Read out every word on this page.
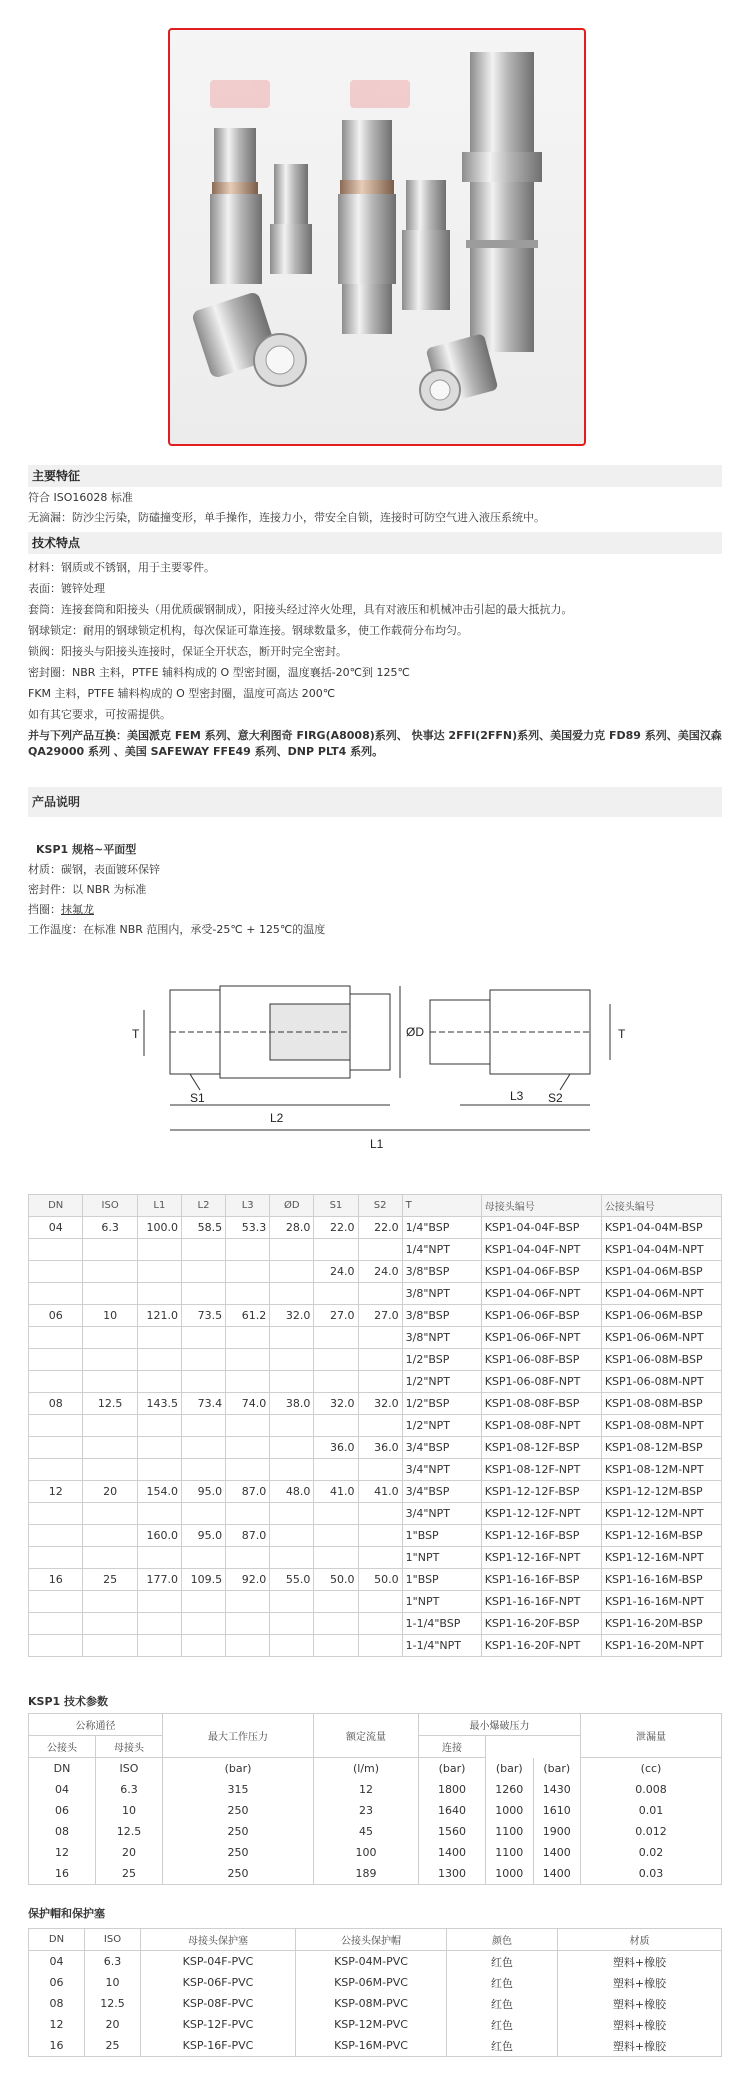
主要特征
符合 ISO16028 标准
无滴漏：防沙尘污染，防磕撞变形，单手操作，连接力小，带安全自锁，连接时可防空气进入液压系统中。
技术特点
材料：钢质或不锈钢，用于主要零件。
表面：镀锌处理
套筒：连接套筒和阳接头（用优质碳钢制成），阳接头经过淬火处理，具有对液压和机械冲击引起的最大抵抗力。
钢球锁定：耐用的钢球锁定机构，每次保证可靠连接。钢球数量多，使工作载荷分布均匀。
锁阀：阳接头与阳接头连接时，保证全开状态，断开时完全密封。
密封圈：NBR 主料，PTFE 辅料构成的 O 型密封圈，温度襄括-20℃到 125℃
FKM 主料，PTFE 辅料构成的 O 型密封圈，温度可高达 200℃
如有其它要求，可按需提供。
并与下列产品互换：美国派克 FEM 系列、意大利图奇 FIRG(A8008)系列、 快事达 2FFI(2FFN)系列、美国爱力克 FD89 系列、美国汉森 QA29000 系列 、美国 SAFEWAY FFE49 系列、DNP PLT4 系列。
产品说明
KSP1 规格~平面型
材质：碳钢，表面镀环保锌
密封件：以 NBR 为标准
挡圈：抹氟龙
工作温度：在标准 NBR 范围内，承受-25℃ + 125℃的温度
T	T
ØD
S1	S2
L2
L3
L1
DN	ISO	L1	L2	L3	ØD	S1	S2	T	母接头编号	公接头编号
04	6.3	100.0	58.5	53.3	28.0	22.0	22.0	1/4"BSP	KSP1-04-04F-BSP	KSP1-04-04M-BSP
								1/4"NPT	KSP1-04-04F-NPT	KSP1-04-04M-NPT
						24.0	24.0	3/8"BSP	KSP1-04-06F-BSP	KSP1-04-06M-BSP
								3/8"NPT	KSP1-04-06F-NPT	KSP1-04-06M-NPT
06	10	121.0	73.5	61.2	32.0	27.0	27.0	3/8"BSP	KSP1-06-06F-BSP	KSP1-06-06M-BSP
								3/8"NPT	KSP1-06-06F-NPT	KSP1-06-06M-NPT
								1/2"BSP	KSP1-06-08F-BSP	KSP1-06-08M-BSP
								1/2"NPT	KSP1-06-08F-NPT	KSP1-06-08M-NPT
08	12.5	143.5	73.4	74.0	38.0	32.0	32.0	1/2"BSP	KSP1-08-08F-BSP	KSP1-08-08M-BSP
								1/2"NPT	KSP1-08-08F-NPT	KSP1-08-08M-NPT
						36.0	36.0	3/4"BSP	KSP1-08-12F-BSP	KSP1-08-12M-BSP
								3/4"NPT	KSP1-08-12F-NPT	KSP1-08-12M-NPT
12	20	154.0	95.0	87.0	48.0	41.0	41.0	3/4"BSP	KSP1-12-12F-BSP	KSP1-12-12M-BSP
								3/4"NPT	KSP1-12-12F-NPT	KSP1-12-12M-NPT
		160.0	95.0	87.0				1"BSP	KSP1-12-16F-BSP	KSP1-12-16M-BSP
								1"NPT	KSP1-12-16F-NPT	KSP1-12-16M-NPT
16	25	177.0	109.5	92.0	55.0	50.0	50.0	1"BSP	KSP1-16-16F-BSP	KSP1-16-16M-BSP
								1"NPT	KSP1-16-16F-NPT	KSP1-16-16M-NPT
								1-1/4"BSP	KSP1-16-20F-BSP	KSP1-16-20M-BSP
								1-1/4"NPT	KSP1-16-20F-NPT	KSP1-16-20M-NPT
KSP1 技术参数
公称通径		最大工作压力	额定流量	最小爆破压力			泄漏量
公接头	母接头			连接			
DN	ISO	(bar)	(l/m)	(bar)	(bar)	(bar)	(cc)
04	6.3	315	12	1800	1260	1430	0.008
06	10	250	23	1640	1000	1610	0.01
08	12.5	250	45	1560	1100	1900	0.012
12	20	250	100	1400	1100	1400	0.02
16	25	250	189	1300	1000	1400	0.03
保护帽和保护塞
DN	ISO	母接头保护塞	公接头保护帽	颜色	材质
04	6.3	KSP-04F-PVC	KSP-04M-PVC	红色	塑料+橡胶
06	10	KSP-06F-PVC	KSP-06M-PVC	红色	塑料+橡胶
08	12.5	KSP-08F-PVC	KSP-08M-PVC	红色	塑料+橡胶
12	20	KSP-12F-PVC	KSP-12M-PVC	红色	塑料+橡胶
16	25	KSP-16F-PVC	KSP-16M-PVC	红色	塑料+橡胶
